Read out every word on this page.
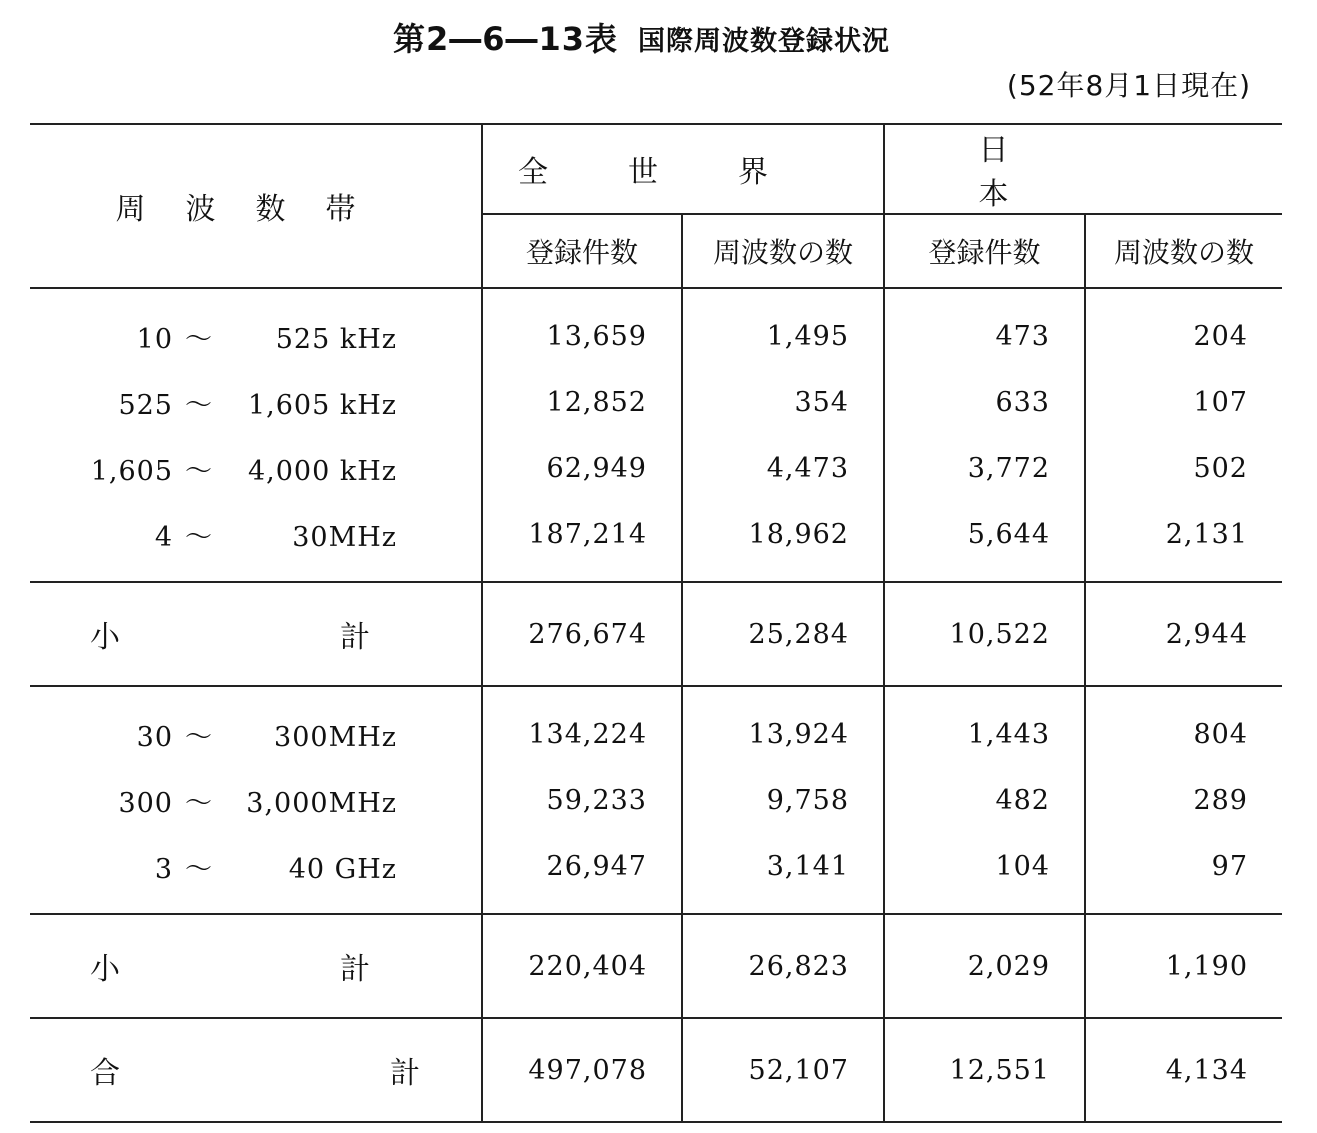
第2―6―13表 国際周波数登録状況
(52年8月1日現在)
周波数帯	全世界		日本	
	登録件数	周波数の数	登録件数	周波数の数

10 ～ 525 kHz	13,659	1,495	473	204
525 ～ 1,605 kHz	12,852	354	633	107
1,605 ～ 4,000 kHz	62,949	4,473	3,772	502
4 ～ 30MHz	187,214	18,962	5,644	2,131

小 計	276,674	25,284	10,522	2,944

30 ～ 300MHz	134,224	13,924	1,443	804
300 ～ 3,000MHz	59,233	9,758	482	289
3 ～ 40 GHz	26,947	3,141	104	97

小 計	220,404	26,823	2,029	1,190
合 計	497,078	52,107	12,551	4,134
